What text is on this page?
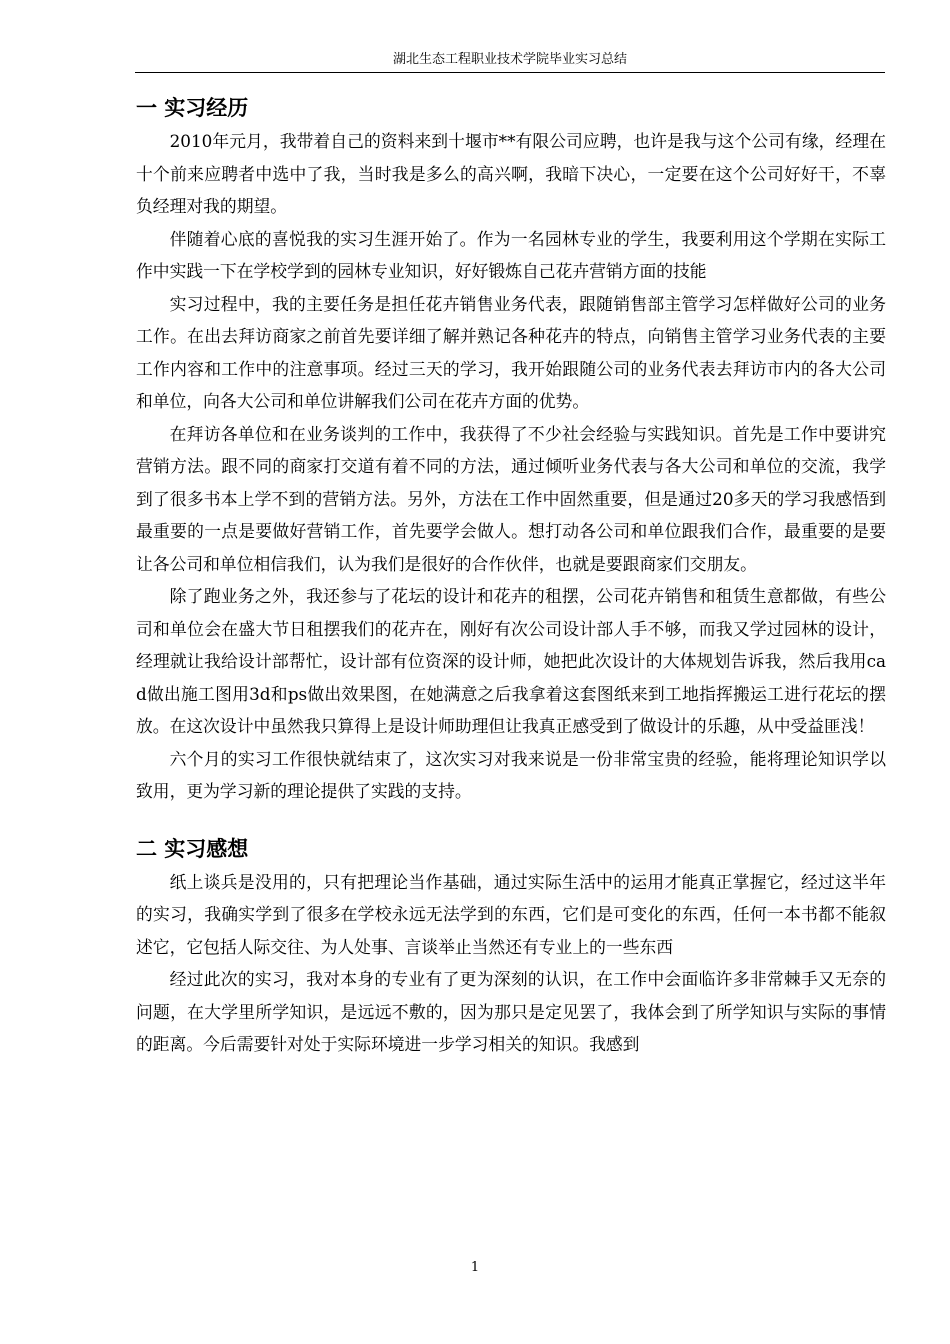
湖北生态工程职业技术学院毕业实习总结
一 实习经历

2010年元月，我带着自己的资料来到十堰市**有限公司应聘，也许是我与这个公司有缘，经理在十个前来应聘者中选中了我，当时我是多么的高兴啊，我暗下决心，一定要在这个公司好好干，不辜负经理对我的期望。

伴随着心底的喜悦我的实习生涯开始了。作为一名园林专业的学生，我要利用这个学期在实际工作中实践一下在学校学到的园林专业知识，好好锻炼自己花卉营销方面的技能

实习过程中，我的主要任务是担任花卉销售业务代表，跟随销售部主管学习怎样做好公司的业务工作。在出去拜访商家之前首先要详细了解并熟记各种花卉的特点，向销售主管学习业务代表的主要工作内容和工作中的注意事项。经过三天的学习，我开始跟随公司的业务代表去拜访市内的各大公司和单位，向各大公司和单位讲解我们公司在花卉方面的优势。

在拜访各单位和在业务谈判的工作中，我获得了不少社会经验与实践知识。首先是工作中要讲究营销方法。跟不同的商家打交道有着不同的方法，通过倾听业务代表与各大公司和单位的交流，我学到了很多书本上学不到的营销方法。另外，方法在工作中固然重要，但是通过20多天的学习我感悟到最重要的一点是要做好营销工作，首先要学会做人。想打动各公司和单位跟我们合作，最重要的是要让各公司和单位相信我们，认为我们是很好的合作伙伴，也就是要跟商家们交朋友。

除了跑业务之外，我还参与了花坛的设计和花卉的租摆，公司花卉销售和租赁生意都做，有些公司和单位会在盛大节日租摆我们的花卉在，刚好有次公司设计部人手不够，而我又学过园林的设计，经理就让我给设计部帮忙，设计部有位资深的设计师，她把此次设计的大体规划告诉我，然后我用cad做出施工图用3d和ps做出效果图，在她满意之后我拿着这套图纸来到工地指挥搬运工进行花坛的摆放。在这次设计中虽然我只算得上是设计师助理但让我真正感受到了做设计的乐趣，从中受益匪浅！

六个月的实习工作很快就结束了，这次实习对我来说是一份非常宝贵的经验，能将理论知识学以致用，更为学习新的理论提供了实践的支持。

二 实习感想

纸上谈兵是没用的，只有把理论当作基础，通过实际生活中的运用才能真正掌握它，经过这半年的实习，我确实学到了很多在学校永远无法学到的东西，它们是可变化的东西，任何一本书都不能叙述它，它包括人际交往、为人处事、言谈举止当然还有专业上的一些东西

经过此次的实习，我对本身的专业有了更为深刻的认识，在工作中会面临许多非常棘手又无奈的问题，在大学里所学知识，是远远不敷的，因为那只是定见罢了，我体会到了所学知识与实际的事情的距离。今后需要针对处于实际环境进一步学习相关的知识。我感到

1
